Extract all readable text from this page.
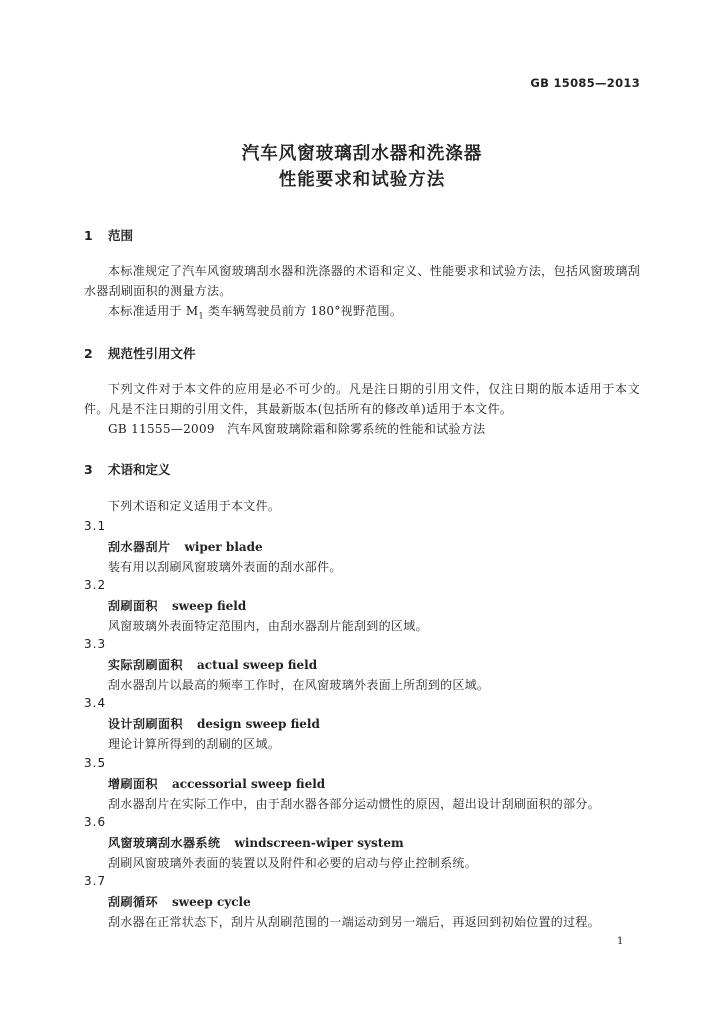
GB 15085—2013
汽车风窗玻璃刮水器和洗涤器
性能要求和试验方法
1 范围
本标准规定了汽车风窗玻璃刮水器和洗涤器的术语和定义、性能要求和试验方法，包括风窗玻璃刮水器刮刷面积的测量方法。
本标准适用于 $M_1$ 类车辆驾驶员前方 180°视野范围。
2 规范性引用文件
下列文件对于本文件的应用是必不可少的。凡是注日期的引用文件，仅注日期的版本适用于本文件。凡是不注日期的引用文件，其最新版本(包括所有的修改单)适用于本文件。
GB 11555—2009　汽车风窗玻璃除霜和除雾系统的性能和试验方法
3 术语和定义
下列术语和定义适用于本文件。
3.1
刮水器刮片 wiper blade
装有用以刮刷风窗玻璃外表面的刮水部件。
3.2
刮刷面积 sweep field
风窗玻璃外表面特定范围内，由刮水器刮片能刮到的区域。
3.3
实际刮刷面积 actual sweep field
刮水器刮片以最高的频率工作时，在风窗玻璃外表面上所刮到的区域。
3.4
设计刮刷面积 design sweep field
理论计算所得到的刮刷的区域。
3.5
增刷面积 accessorial sweep field
刮水器刮片在实际工作中，由于刮水器各部分运动惯性的原因，超出设计刮刷面积的部分。
3.6
风窗玻璃刮水器系统 windscreen-wiper system
刮刷风窗玻璃外表面的装置以及附件和必要的启动与停止控制系统。
3.7
刮刷循环 sweep cycle
刮水器在正常状态下，刮片从刮刷范围的一端运动到另一端后，再返回到初始位置的过程。
1
